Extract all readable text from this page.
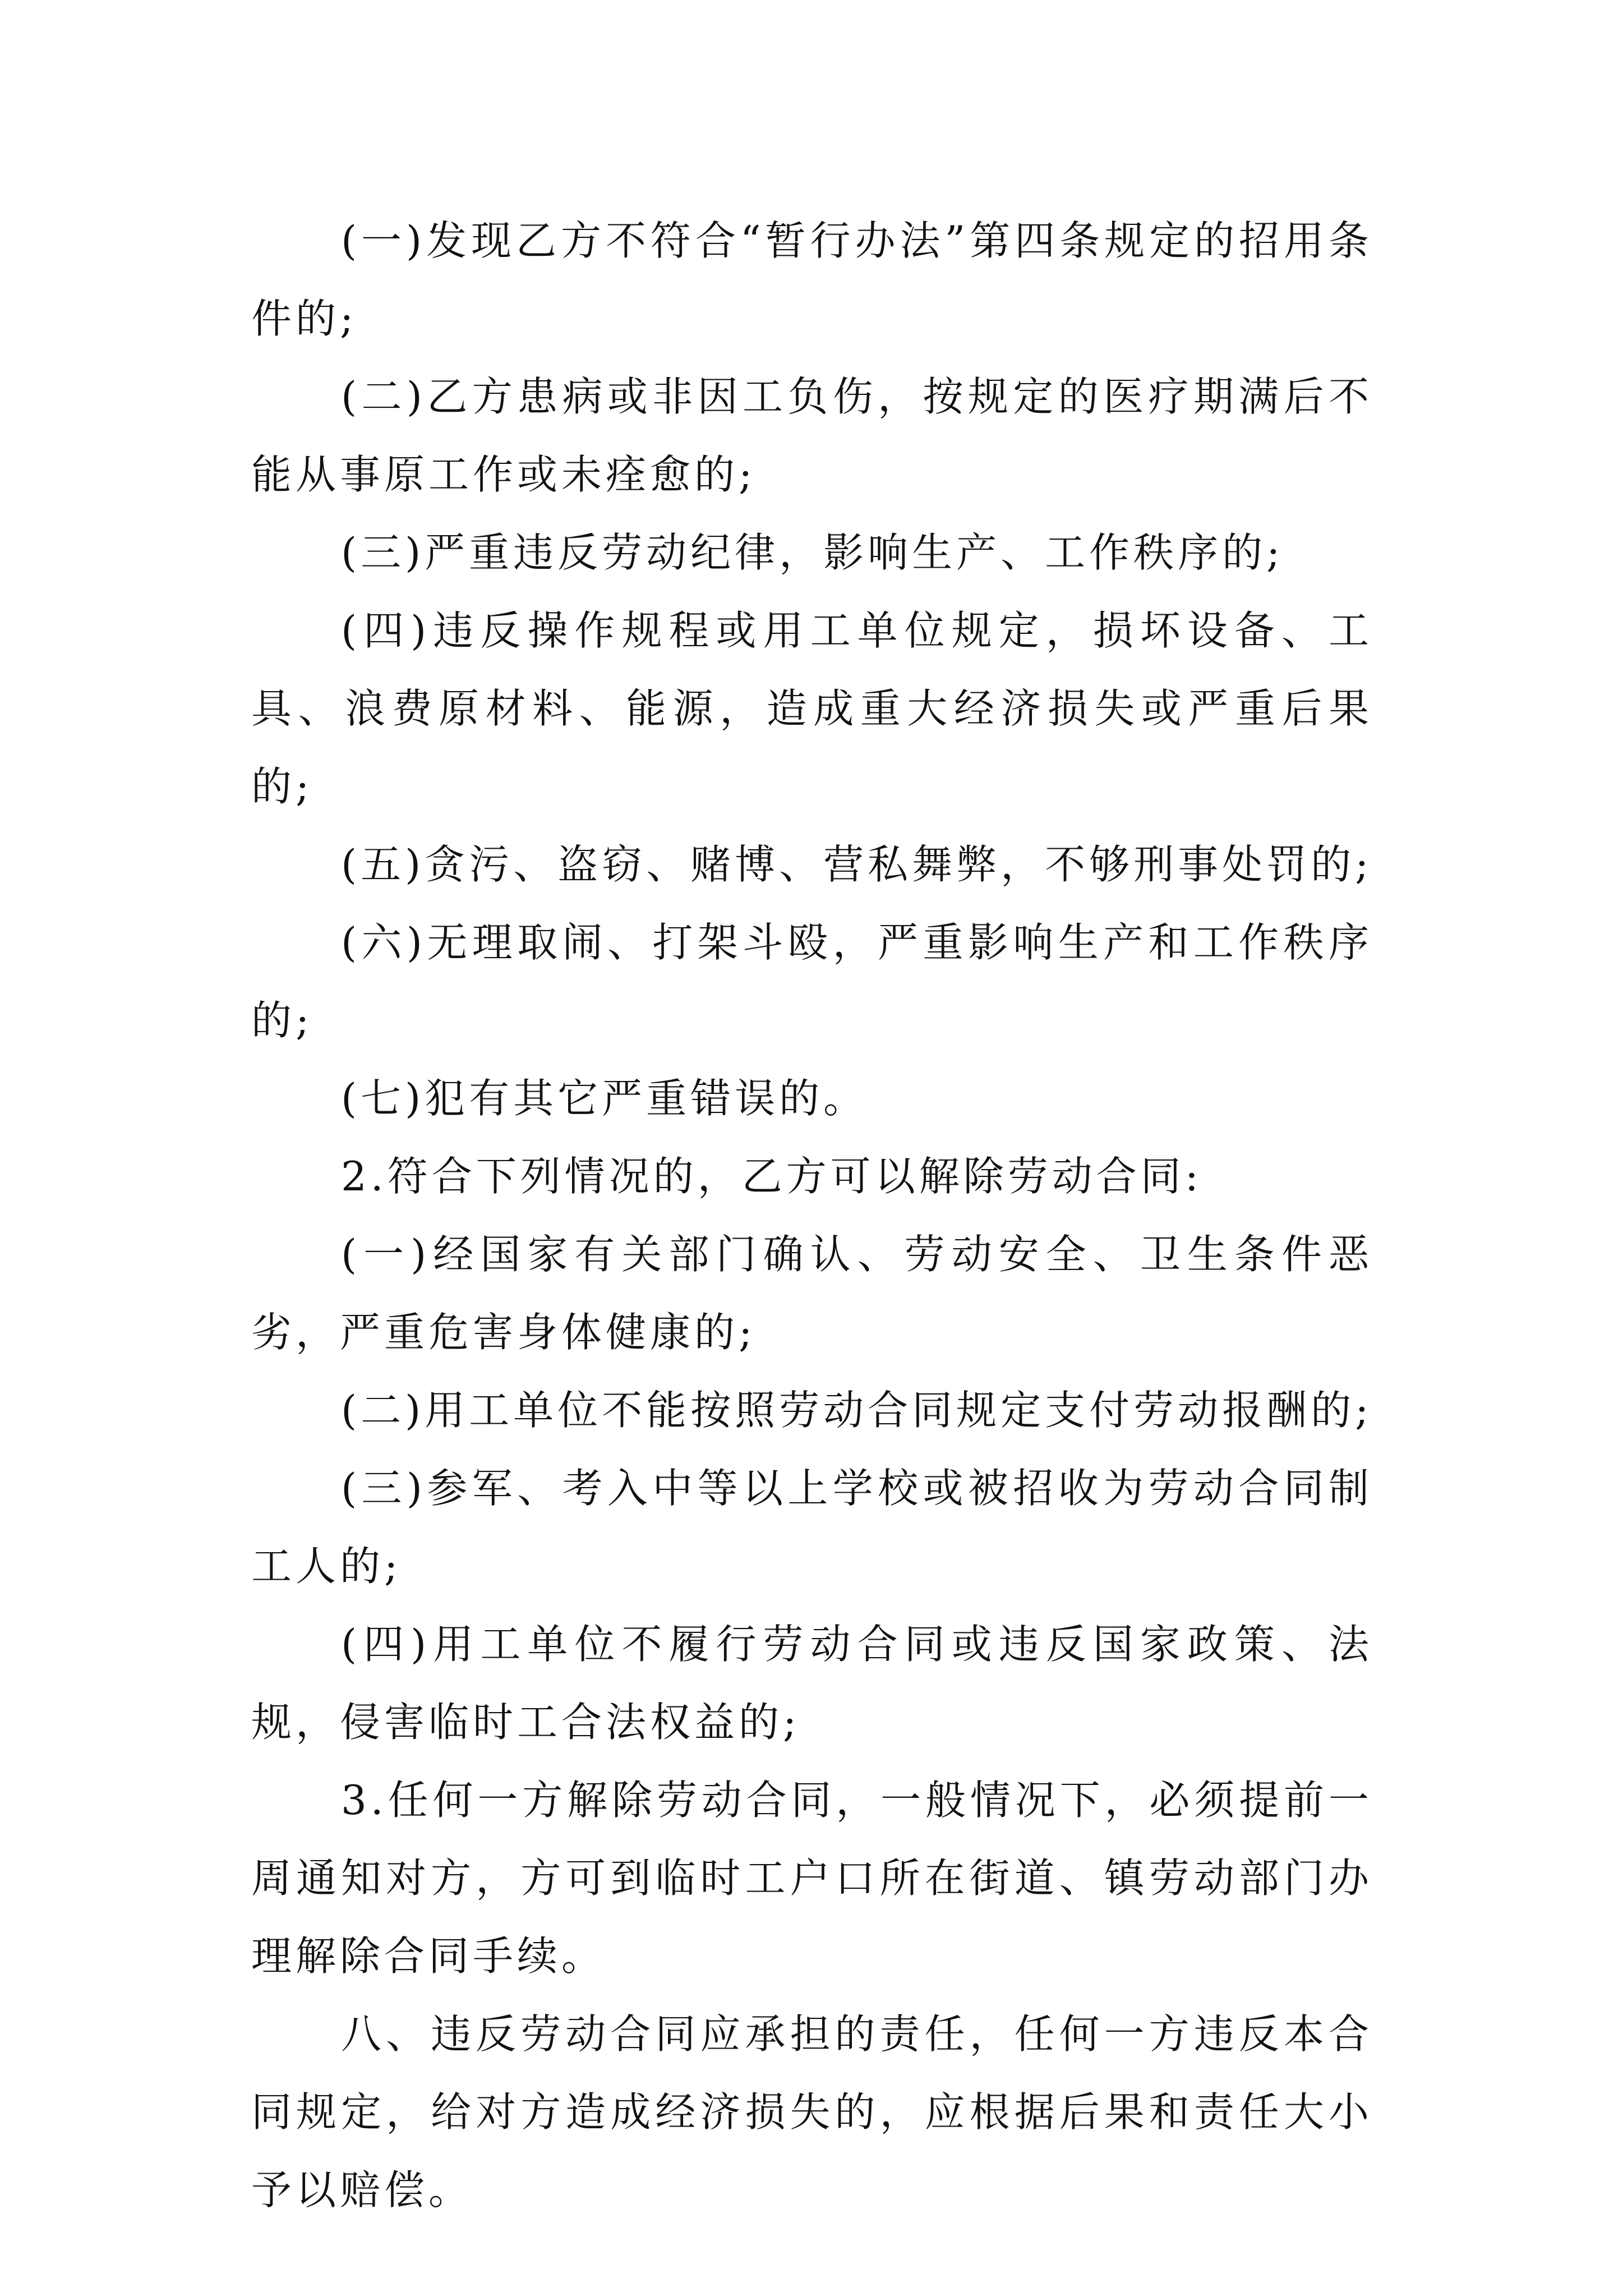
(一)发现乙方不符合“暂行办法”第四条规定的招用条件的;

(二)乙方患病或非因工负伤，按规定的医疗期满后不能从事原工作或未痊愈的;

(三)严重违反劳动纪律，影响生产、工作秩序的;

(四)违反操作规程或用工单位规定，损坏设备、工具、浪费原材料、能源，造成重大经济损失或严重后果的;

(五)贪污、盗窃、赌博、营私舞弊，不够刑事处罚的;

(六)无理取闹、打架斗殴，严重影响生产和工作秩序的;

(七)犯有其它严重错误的。

2.符合下列情况的，乙方可以解除劳动合同:

(一)经国家有关部门确认、劳动安全、卫生条件恶劣，严重危害身体健康的;

(二)用工单位不能按照劳动合同规定支付劳动报酬的;

(三)参军、考入中等以上学校或被招收为劳动合同制工人的;

(四)用工单位不履行劳动合同或违反国家政策、法规，侵害临时工合法权益的;

3.任何一方解除劳动合同，一般情况下，必须提前一周通知对方，方可到临时工户口所在街道、镇劳动部门办理解除合同手续。

八、违反劳动合同应承担的责任，任何一方违反本合同规定，给对方造成经济损失的，应根据后果和责任大小予以赔偿。
